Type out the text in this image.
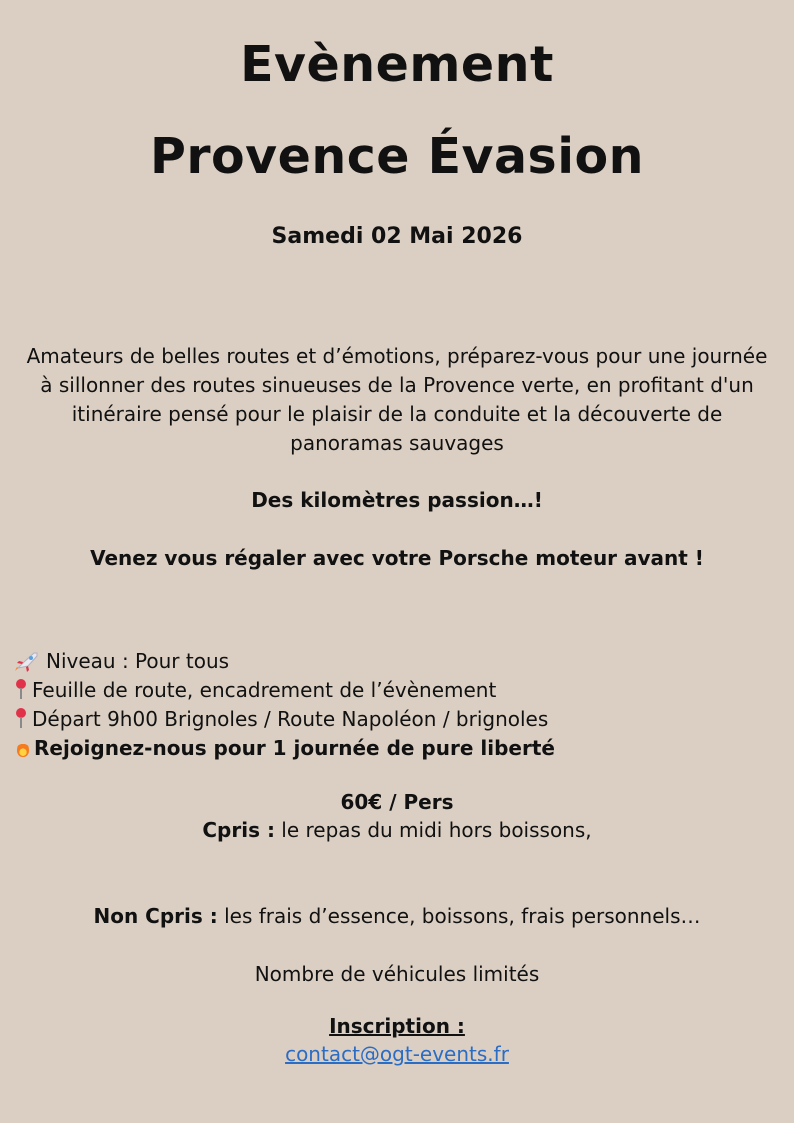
Evènement
Provence Évasion
Samedi 02 Mai 2026
Amateurs de belles routes et d’émotions, préparez-vous pour une journée à sillonner des routes sinueuses de la Provence verte, en profitant d'un itinéraire pensé pour le plaisir de la conduite et la découverte de panoramas sauvages
Des kilomètres passion…!
Venez vous régaler avec votre Porsche moteur avant !
Niveau : Pour tous
Feuille de route, encadrement de l’évènement
Départ 9h00 Brignoles / Route Napoléon / brignoles
Rejoignez-nous pour 1 journée de pure liberté
60€ / Pers
Cpris : le repas du midi hors boissons,
Non Cpris : les frais d’essence, boissons, frais personnels…
Nombre de véhicules limités
Inscription :
contact@ogt-events.fr
